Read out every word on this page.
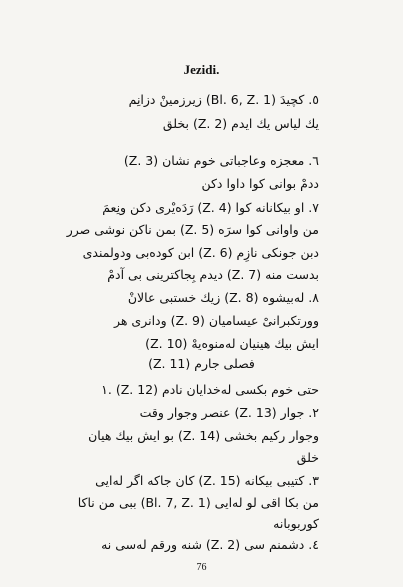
Jezidi.
٥. کچیدَ ‌(Bl. 6, Z. 1) زیرزمینْ دزانِم
یك لیاس یك ایدم (Z. 2) بخلق
٦. معجزه وعاجباتی خوم نشان (Z. 3)
ددمْ بوانی کوا داوا دکن
٧. او بیکانانه کوا (Z. 4) رَدَه‌یْری دکن ونِعمَ
من واوانی کوا سرَه (Z. 5) بمن ناکن نوشی صرر
دبن جونکی نازِم (Z. 6) ابن کوده‌بی ودولمندی
بدست منه (Z. 7) دیدم بِجاکترینی بی آدمْ
٨. له‌بیشوه (Z. 8) زیك خستبی عالانْ
وورتکبرانیْ عیسامیان (Z. 9) ودانری هر
ایش بیك هینیان له‌منوه‌یهْ (Z. 10)
(Z. 11) فصلی جارم
١. (Z. 12) حتی خوم بکسی له‌خدایان نادم
٢. جوار (Z. 13) عنصر وجوار وقت
وجوار رکیم بخشی (Z. 14) بو ایش بیك هیان
خلق
٣. کتیبی بیکانه (Z. 15) کان جاکه اگر له‌ایی
من بکا اقی لو له‌ایی (Bl. 7, Z. 1) ببی من ناکا
کوربوبانه
٤. دشمنم سی (Z. 2) شنه ورقم له‌سی نه
76
